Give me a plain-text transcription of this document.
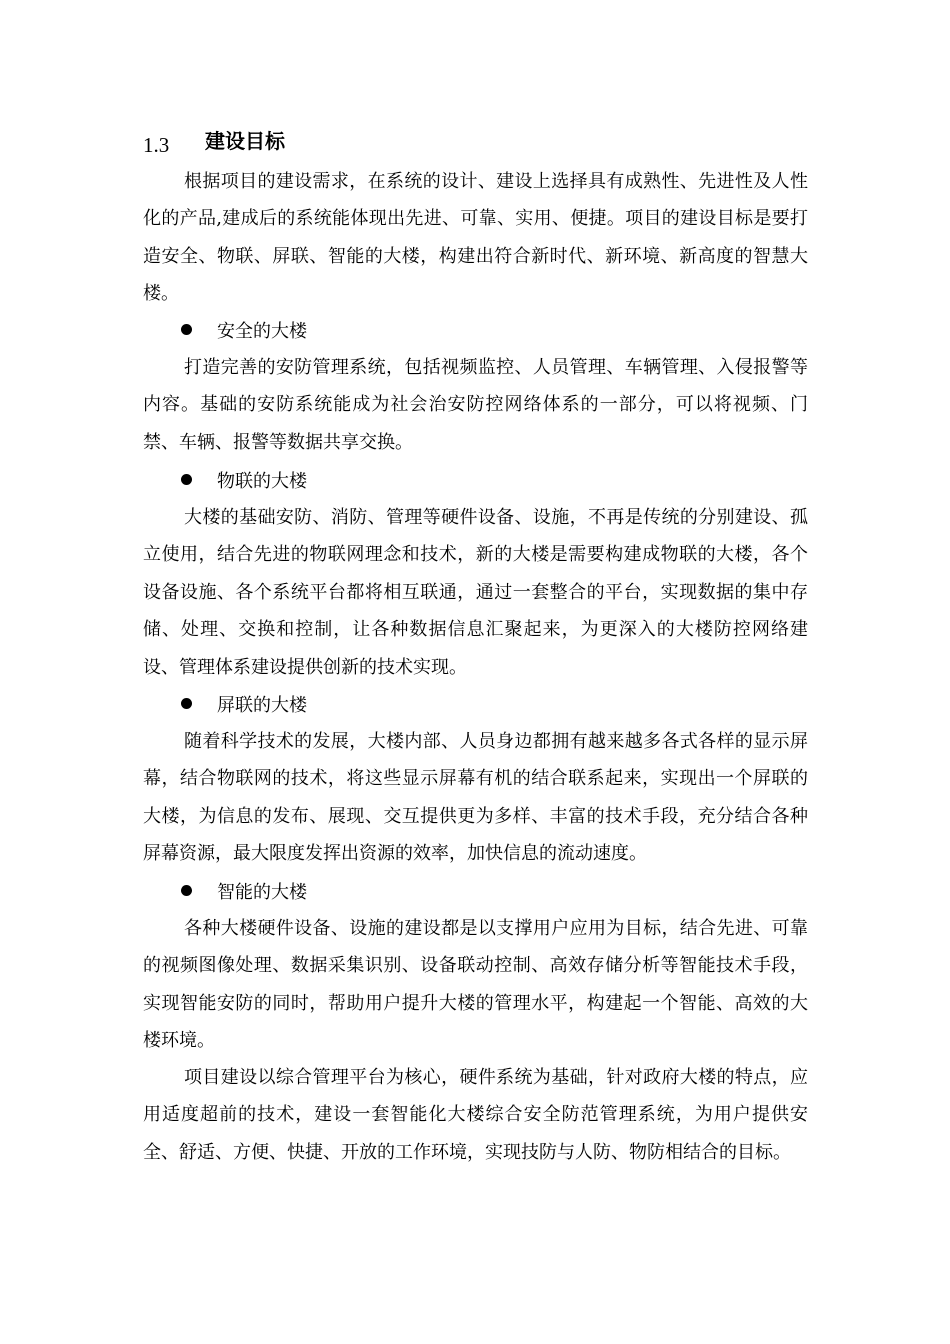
1.3	建设目标

根据项目的建设需求，在系统的设计、建设上选择具有成熟性、先进性及人性化的产品,建成后的系统能体现出先进、可靠、实用、便捷。项目的建设目标是要打造安全、物联、屏联、智能的大楼，构建出符合新时代、新环境、新高度的智慧大楼。

安全的大楼

打造完善的安防管理系统，包括视频监控、人员管理、车辆管理、入侵报警等内容。基础的安防系统能成为社会治安防控网络体系的一部分，可以将视频、门禁、车辆、报警等数据共享交换。

物联的大楼

大楼的基础安防、消防、管理等硬件设备、设施，不再是传统的分别建设、孤立使用，结合先进的物联网理念和技术，新的大楼是需要构建成物联的大楼，各个设备设施、各个系统平台都将相互联通，通过一套整合的平台，实现数据的集中存储、处理、交换和控制，让各种数据信息汇聚起来，为更深入的大楼防控网络建设、管理体系建设提供创新的技术实现。

屏联的大楼

随着科学技术的发展，大楼内部、人员身边都拥有越来越多各式各样的显示屏幕，结合物联网的技术，将这些显示屏幕有机的结合联系起来，实现出一个屏联的大楼，为信息的发布、展现、交互提供更为多样、丰富的技术手段，充分结合各种屏幕资源，最大限度发挥出资源的效率，加快信息的流动速度。

智能的大楼

各种大楼硬件设备、设施的建设都是以支撑用户应用为目标，结合先进、可靠的视频图像处理、数据采集识别、设备联动控制、高效存储分析等智能技术手段，实现智能安防的同时，帮助用户提升大楼的管理水平，构建起一个智能、高效的大楼环境。

项目建设以综合管理平台为核心，硬件系统为基础，针对政府大楼的特点，应用适度超前的技术，建设一套智能化大楼综合安全防范管理系统，为用户提供安全、舒适、方便、快捷、开放的工作环境，实现技防与人防、物防相结合的目标。
